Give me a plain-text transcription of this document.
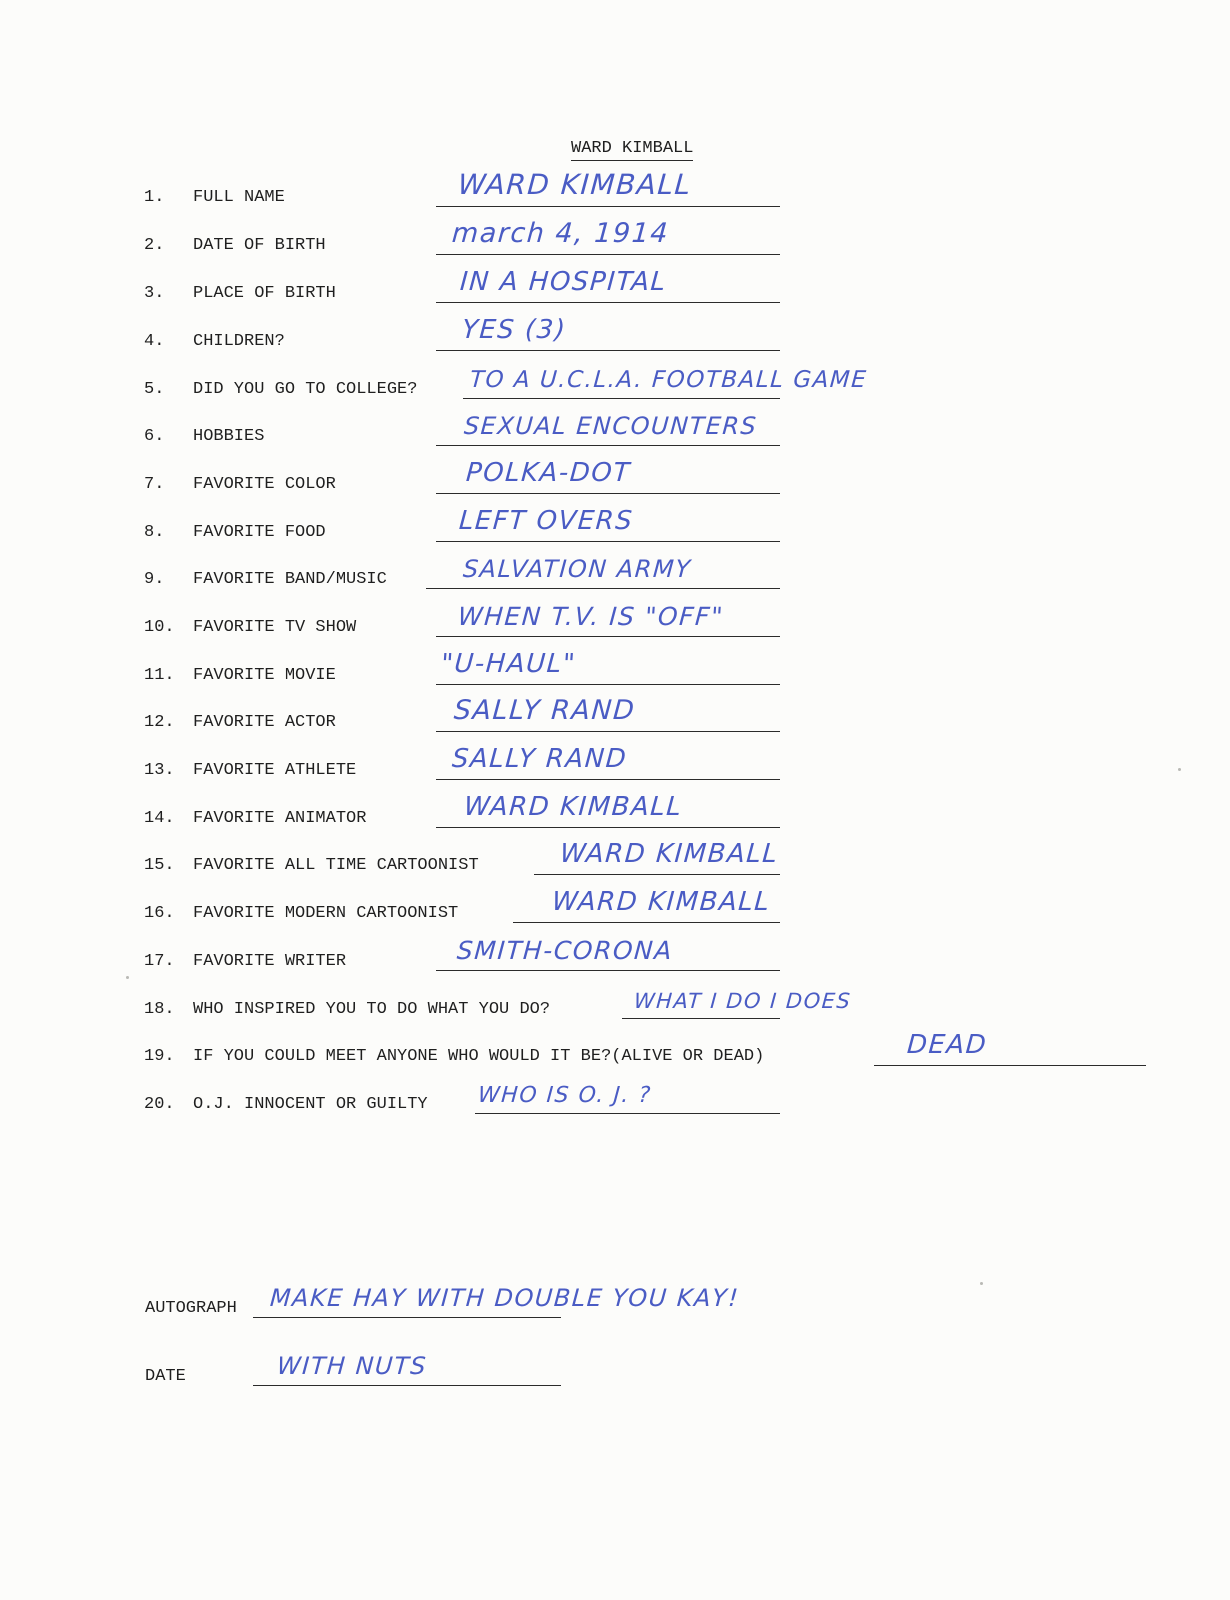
WARD KIMBALL
1. FULL NAME	WARD KIMBALL
2. DATE OF BIRTH	march 4, 1914
3. PLACE OF BIRTH	IN A HOSPITAL
4. CHILDREN?	YES (3)
5. DID YOU GO TO COLLEGE? TO A U.C.L.A. FOOTBALL GAME
6. HOBBIES	SEXUAL ENCOUNTERS
7. FAVORITE COLOR	POLKA-DOT
8. FAVORITE FOOD	LEFT OVERS
9. FAVORITE BAND/MUSIC	SALVATION ARMY
10. FAVORITE TV SHOW	WHEN T.V. IS "OFF"
11. FAVORITE MOVIE	"U-HAUL"
12. FAVORITE ACTOR	SALLY RAND
13. FAVORITE ATHLETE	SALLY RAND
14. FAVORITE ANIMATOR	WARD KIMBALL
15. FAVORITE ALL TIME CARTOONIST	WARD KIMBALL
16. FAVORITE MODERN CARTOONIST	WARD KIMBALL
17. FAVORITE WRITER	SMITH-CORONA
18. WHO INSPIRED YOU TO DO WHAT YOU DO?	WHAT I DO I DOES
19. IF YOU COULD MEET ANYONE WHO WOULD IT BE?(ALIVE OR DEAD)	DEAD
20. O.J. INNOCENT OR GUILTY WHO IS O. J. ?
AUTOGRAPH MAKE HAY WITH DOUBLE YOU KAY!
DATE	WITH NUTS
